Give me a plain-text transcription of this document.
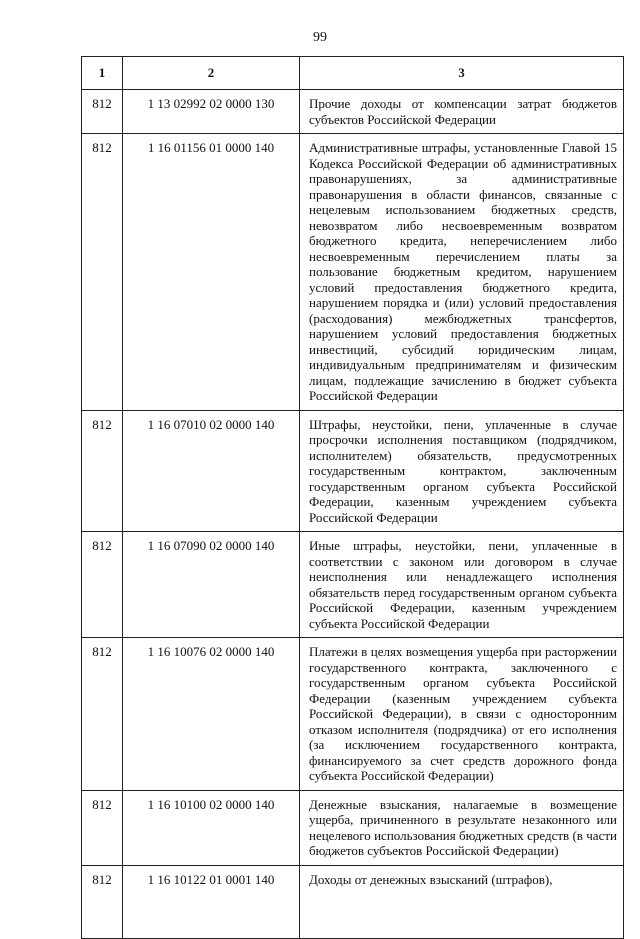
99
1	2	3
812	1 13 02992 02 0000 130	Прочие доходы от компенсации затрат бюджетов субъектов Российской Федерации
812	1 16 01156 01 0000 140	Административные штрафы, установленные Главой 15 Кодекса Российской Федерации об административных правонарушениях, за административные правонарушения в области финансов, связанные с нецелевым использованием бюджетных средств, невозвратом либо несвоевременным возвратом бюджетного кредита, неперечислением либо несвоевременным перечислением платы за пользование бюджетным кредитом, нарушением условий предоставления бюджетного кредита, нарушением порядка и (или) условий предоставления (расходования) межбюджетных трансфертов, нарушением условий предоставления бюджетных инвестиций, субсидий юридическим лицам, индивидуальным предпринимателям и физическим лицам, подлежащие зачислению в бюджет субъекта Российской Федерации
812	1 16 07010 02 0000 140	Штрафы, неустойки, пени, уплаченные в случае просрочки исполнения поставщиком (подрядчиком, исполнителем) обязательств, предусмотренных государственным контрактом, заключенным государственным органом субъекта Российской Федерации, казенным учреждением субъекта Российской Федерации
812	1 16 07090 02 0000 140	Иные штрафы, неустойки, пени, уплаченные в соответствии с законом или договором в случае неисполнения или ненадлежащего исполнения обязательств перед государственным органом субъекта Российской Федерации, казенным учреждением субъекта Российской Федерации
812	1 16 10076 02 0000 140	Платежи в целях возмещения ущерба при расторжении государственного контракта, заключенного с государственным органом субъекта Российской Федерации (казенным учреждением субъекта Российской Федерации), в связи с односторонним отказом исполнителя (подрядчика) от его исполнения (за исключением государственного контракта, финансируемого за счет средств дорожного фонда субъекта Российской Федерации)
812	1 16 10100 02 0000 140	Денежные взыскания, налагаемые в возмещение ущерба, причиненного в результате незаконного или нецелевого использования бюджетных средств (в части бюджетов субъектов Российской Федерации)
812	1 16 10122 01 0001 140	Доходы от денежных взысканий (штрафов),
